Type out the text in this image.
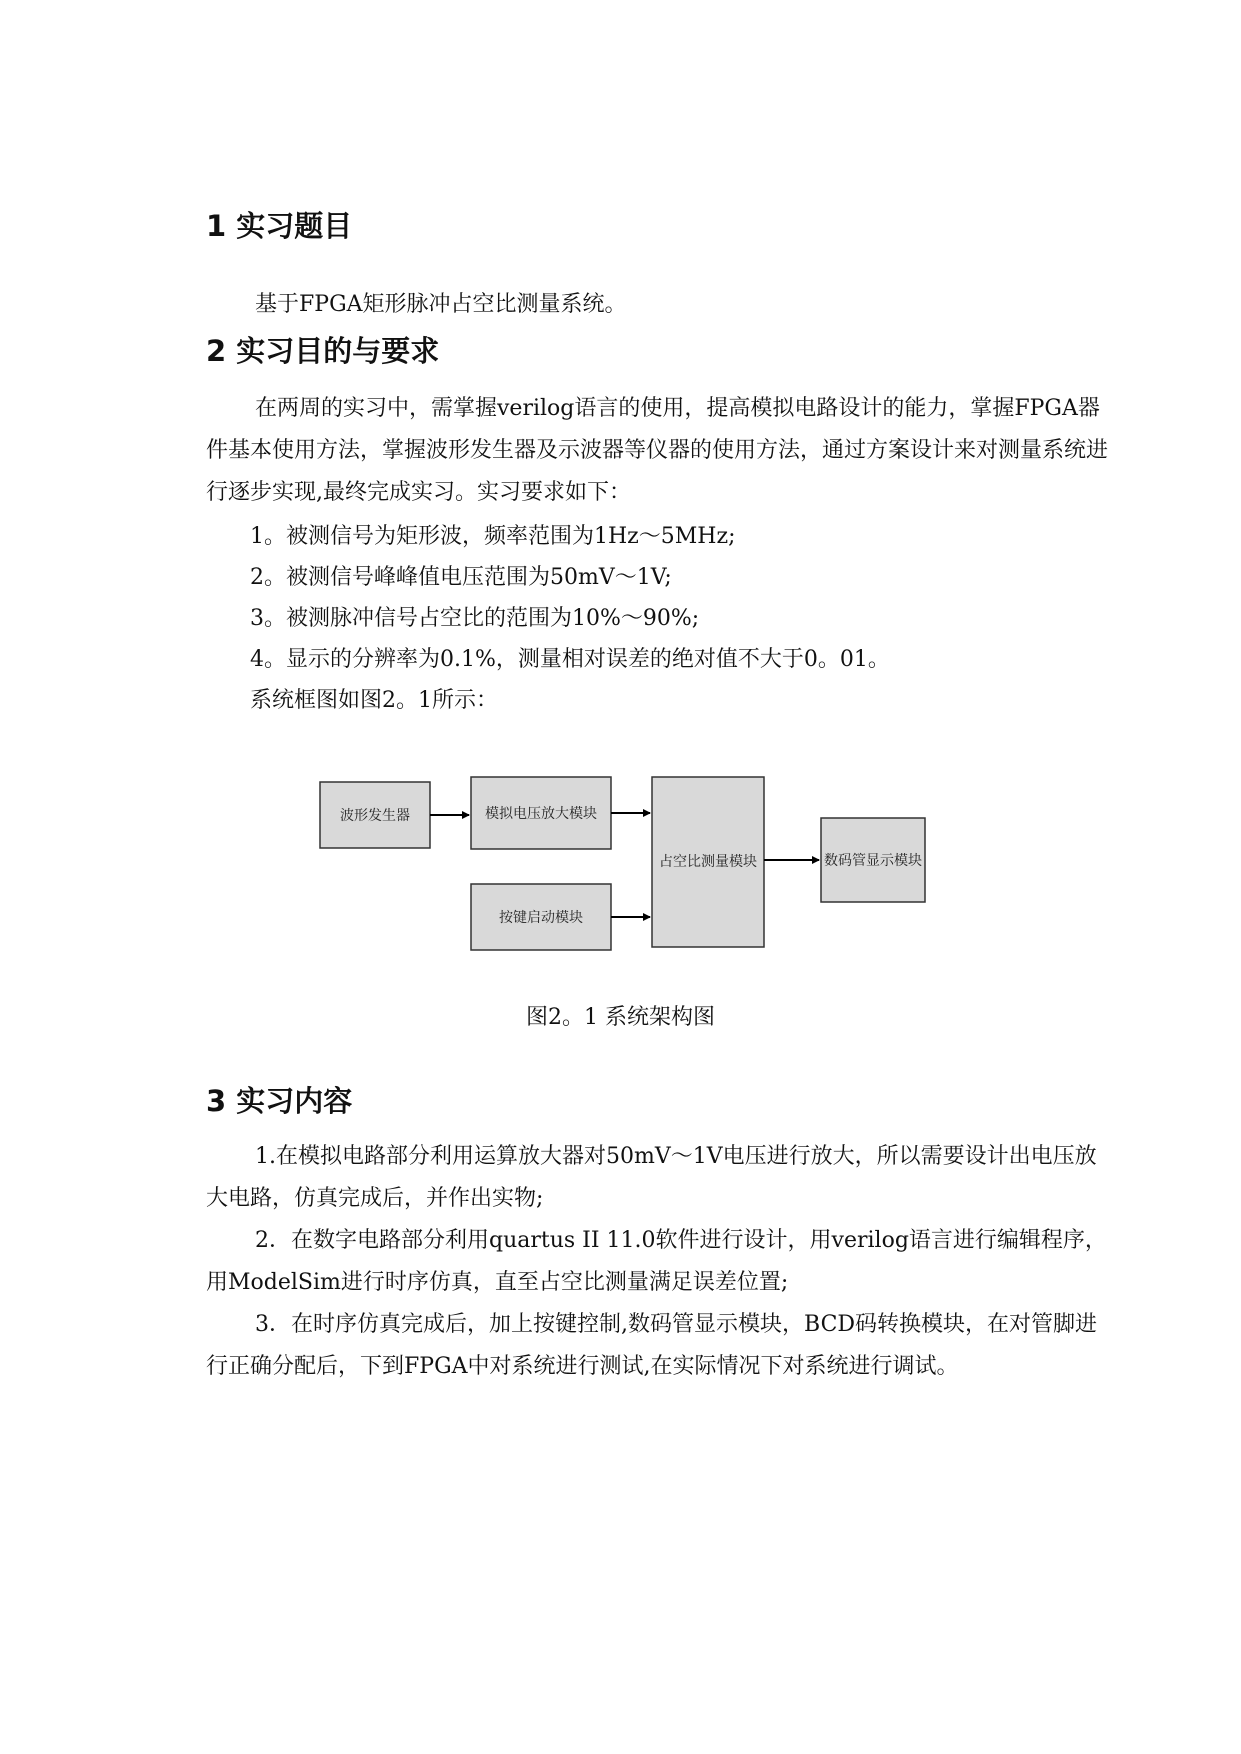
1 实习题目

基于FPGA矩形脉冲占空比测量系统。

2 实习目的与要求

在两周的实习中，需掌握verilog语言的使用，提高模拟电路设计的能力，掌握FPGA器件基本使用方法，掌握波形发生器及示波器等仪器的使用方法，通过方案设计来对测量系统进行逐步实现,最终完成实习。实习要求如下：

1。被测信号为矩形波，频率范围为1Hz～5MHz;

2。被测信号峰峰值电压范围为50mV～1V;

3。被测脉冲信号占空比的范围为10%～90%;

4。显示的分辨率为0.1%，测量相对误差的绝对值不大于0。01。

系统框图如图2。1所示：

波形发生器	模拟电压放大模块
按键启动模块
占空比测量模块	数码管显示模块

图2。1 系统架构图

3 实习内容

1.在模拟电路部分利用运算放大器对50mV～1V电压进行放大，所以需要设计出电压放大电路，仿真完成后，并作出实物;

2．在数字电路部分利用quartus II 11.0软件进行设计，用verilog语言进行编辑程序，用ModelSim进行时序仿真，直至占空比测量满足误差位置;

3．在时序仿真完成后，加上按键控制,数码管显示模块，BCD码转换模块，在对管脚进行正确分配后，下到FPGA中对系统进行测试,在实际情况下对系统进行调试。
